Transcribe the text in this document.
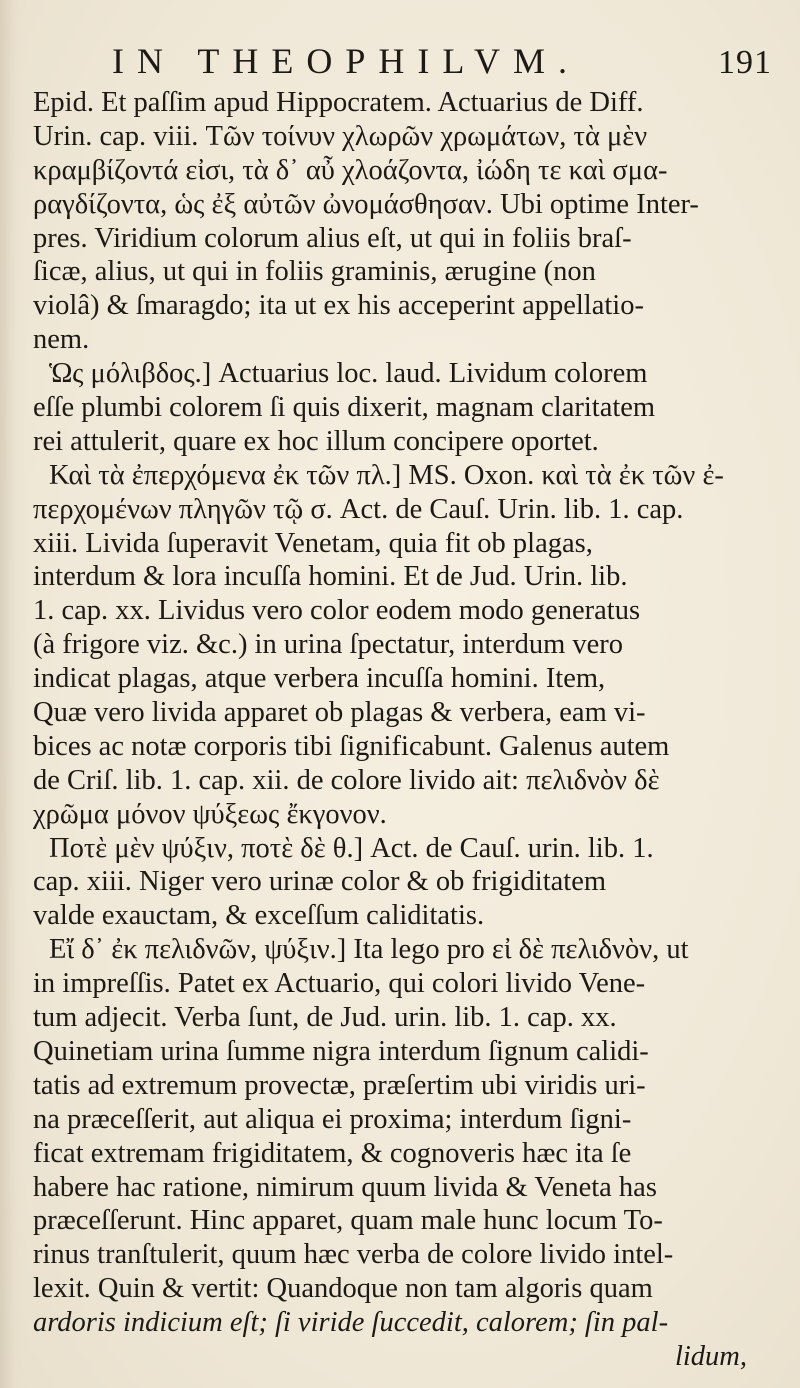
IN THEOPHILVM.	191
Epid. Et paſſim apud Hippocratem. Actuarius de Diff.
Urin. cap. viii. Τῶν τοίνυν χλωρῶν χρωμάτων, τὰ μὲν
κραμβίζοντά εἰσι, τὰ δ᾽ αὖ χλοάζοντα, ἰώδη τε καὶ σμα-
ραγδίζοντα, ὡς ἐξ αὐτῶν ὠνομάσθησαν. Ubi optime Inter-
pres. Viridium colorum alius eſt, ut qui in foliis braſ-
ſicæ, alius, ut qui in foliis graminis, ærugine (non
violâ) & ſmaragdo; ita ut ex his acceperint appellatio-
nem.
Ὡς μόλιβδος.] Actuarius loc. laud. Lividum colorem
eſſe plumbi colorem ſi quis dixerit, magnam claritatem
rei attulerit, quare ex hoc illum concipere oportet.
Καὶ τὰ ἐπερχόμενα ἐκ τῶν πλ.] MS. Oxon. καὶ τὰ ἐκ τῶν ἐ-
περχομένων πληγῶν τῷ σ. Act. de Cauſ. Urin. lib. 1. cap.
xiii. Livida ſuperavit Venetam, quia fit ob plagas,
interdum & lora incuſſa homini. Et de Jud. Urin. lib.
1. cap. xx. Lividus vero color eodem modo generatus
(à frigore viz. &c.) in urina ſpectatur, interdum vero
indicat plagas, atque verbera incuſſa homini. Item,
Quæ vero livida apparet ob plagas & verbera, eam vi-
bices ac notæ corporis tibi ſignificabunt. Galenus autem
de Criſ. lib. 1. cap. xii. de colore livido ait: πελιδνὸν δὲ
χρῶμα μόνον ψύξεως ἔκγονον.
Ποτὲ μὲν ψύξιν, ποτὲ δὲ θ.] Act. de Cauſ. urin. lib. 1.
cap. xiii. Niger vero urinæ color & ob frigiditatem
valde exauctam, & exceſſum caliditatis.
Εἴ δ᾽ ἐκ πελιδνῶν, ψύξιν.] Ita lego pro εἰ δὲ πελιδνὸν, ut
in impreſſis. Patet ex Actuario, qui colori livido Vene-
tum adjecit. Verba ſunt, de Jud. urin. lib. 1. cap. xx.
Quinetiam urina ſumme nigra interdum ſignum calidi-
tatis ad extremum provectæ, præſertim ubi viridis uri-
na præceſſerit, aut aliqua ei proxima; interdum ſigni-
ficat extremam frigiditatem, & cognoveris hæc ita ſe
habere hac ratione, nimirum quum livida & Veneta has
præceſſerunt. Hinc apparet, quam male hunc locum To-
rinus tranſtulerit, quum hæc verba de colore livido intel-
lexit. Quin & vertit: Quandoque non tam algoris quam
ardoris indicium eſt; ſi viride ſuccedit, calorem; ſin pal-
lidum,
